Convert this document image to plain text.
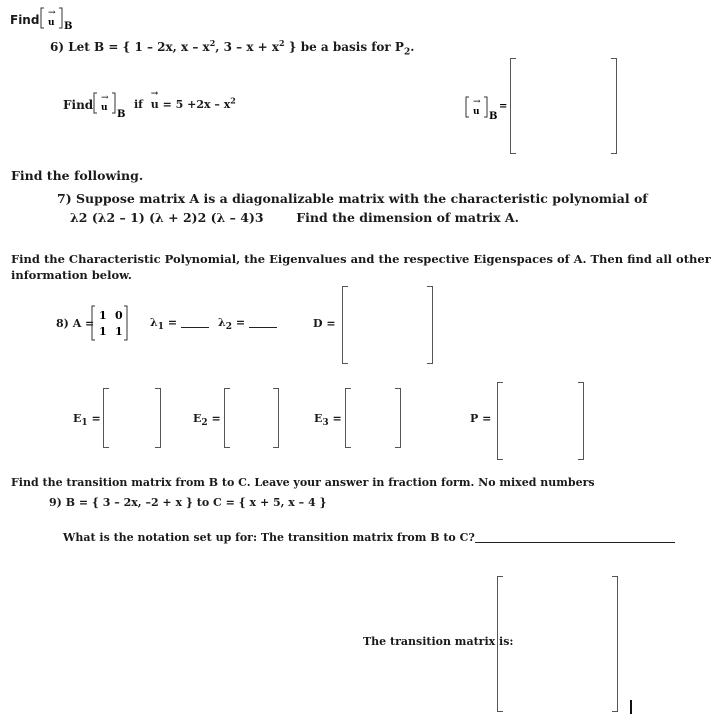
Find →
u B
6) Let B = { 1 – 2x, x – $x^2$, $3 - x + x^2$ } be a basis for $P_2$.
Find →
u
B
if
→
$u = 5 +2x - x^2$	→
u B
=
Find the following.
7) Suppose matrix A is a diagonalizable matrix with the characteristic polynomial of
λ2 (λ2 – 1) (λ + 2)2 (λ – 4)3	Find the dimension of matrix A.
Find the Characteristic Polynomial, the Eigenvalues and the respective Eigenspaces of A. Then find all other
information below.
8) A =
1 0
1 1
$\lambda_1$ =	$\lambda_2$ =	D =
$E_1$ =	$E_2$ =	$E_3$ =	P =
Find the transition matrix from B to C. Leave your answer in fraction form. No mixed numbers
9) B = { 3 – 2x, –2 + x } to C = { x + 5, x – 4 }
What is the notation set up for: The transition matrix from B to C?
The transition matrix is:
